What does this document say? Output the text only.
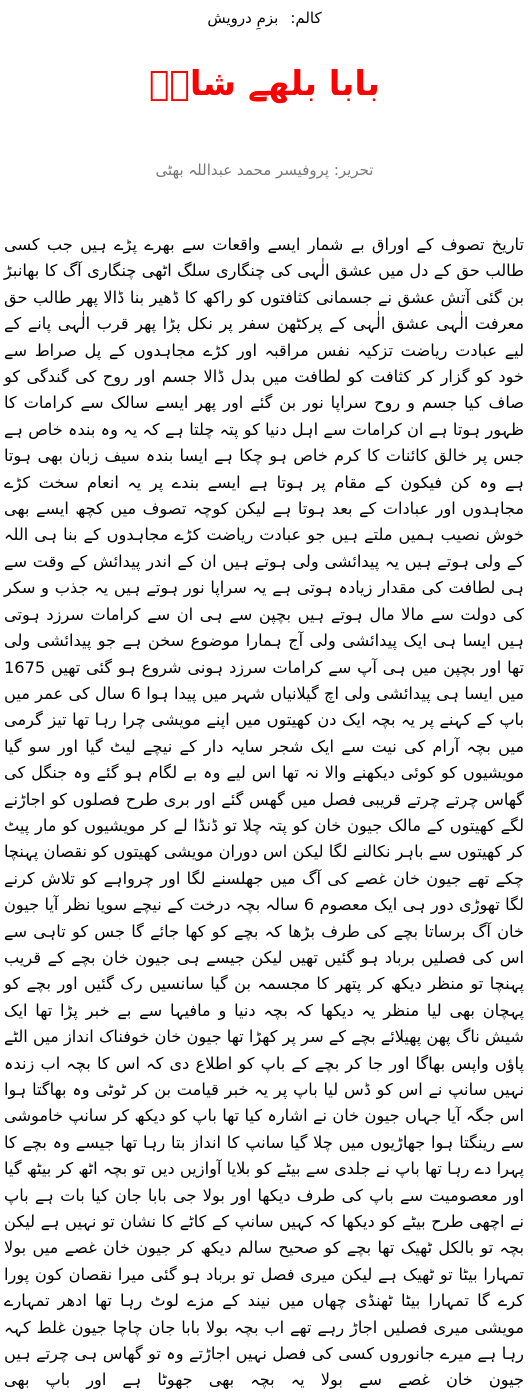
کالم:بزمِ درویش
بابا بلھے شاہؒ
تحریر: پروفیسر محمد عبداللہ بھٹی

تاریخ تصوف کے اوراق بے شمار ایسے واقعات سے بھرے پڑے ہیں جب کسی طالب حق کے دل میں عشق الٰہی کی چنگاری سلگ اٹھی چنگاری آگ کا بھانبڑ بن گئی آتش عشق نے جسمانی کثافتوں کو راکھ کا ڈھیر بنا ڈالا پھر طالب حق معرفت الٰہی عشق الٰہی کے پرکٹھن سفر پر نکل پڑا پھر قرب الٰہی پانے کے لیے عبادت ریاضت تزکیہ نفس مراقبہ اور کڑے مجاہدوں کے پل صراط سے خود کو گزار کر کثافت کو لطافت میں بدل ڈالا جسم اور روح کی گندگی کو صاف کیا جسم و روح سراپا نور بن گئے اور پھر ایسے سالک سے کرامات کا ظہور ہوتا ہے ان کرامات سے اہل دنیا کو پتہ چلتا ہے کہ یہ وہ بندہ خاص ہے جس پر خالق کائنات کا کرم خاص ہو چکا ہے ایسا بندہ سیف زبان بھی ہوتا ہے وہ کن فیکون کے مقام پر ہوتا ہے ایسے بندے پر یہ انعام سخت کڑے مجاہدوں اور عبادات کے بعد ہوتا ہے لیکن کوچہ تصوف میں کچھ ایسے بھی خوش نصیب ہمیں ملتے ہیں جو عبادت ریاضت کڑے مجاہدوں کے بنا ہی اللہ کے ولی ہوتے ہیں یہ پیدائشی ولی ہوتے ہیں ان کے اندر پیدائش کے وقت سے ہی لطافت کی مقدار زیادہ ہوتی ہے یہ سراپا نور ہوتے ہیں یہ جذب و سکر کی دولت سے مالا مال ہوتے ہیں بچپن سے ہی ان سے کرامات سرزد ہوتی ہیں ایسا ہی ایک پیدائشی ولی آج ہمارا موضوع سخن ہے جو پیدائشی ولی تھا اور بچپن میں ہی آپ سے کرامات سرزد ہونی شروع ہو گئی تھیں 1675 میں ایسا ہی پیدائشی ولی اچ گیلانیاں شہر میں پیدا ہوا 6 سال کی عمر میں باپ کے کہنے پر یہ بچہ ایک دن کھیتوں میں اپنے مویشی چرا رہا تھا تیز گرمی میں بچہ آرام کی نیت سے ایک شجر سایہ دار کے نیچے لیٹ گیا اور سو گیا مویشیوں کو کوئی دیکھنے والا نہ تھا اس لیے وہ بے لگام ہو گئے وہ جنگل کی گھاس چرتے چرتے قریبی فصل میں گھس گئے اور بری طرح فصلوں کو اجاڑنے لگے کھیتوں کے مالک جیون خان کو پتہ چلا تو ڈنڈا لے کر مویشیوں کو مار پیٹ کر کھیتوں سے باہر نکالنے لگا لیکن اس دوران مویشی کھیتوں کو نقصان پہنچا چکے تھے جیون خان غصے کی آگ میں جھلسنے لگا اور چرواہے کو تلاش کرنے لگا تھوڑی دور ہی ایک معصوم 6 سالہ بچہ درخت کے نیچے سویا نظر آیا جیون خان آگ برساتا بچے کی طرف بڑھا کہ بچے کو کھا جائے گا جس کو تاہی سے اس کی فصلیں برباد ہو گئیں تھیں لیکن جیسے ہی جیون خان بچے کے قریب پہنچا تو منظر دیکھ کر پتھر کا مجسمہ بن گیا سانسیں رک گئیں اور بچے کو پہچان بھی لیا منظر یہ دیکھا کہ بچہ دنیا و مافیہا سے بے خبر پڑا تھا ایک شیش ناگ پھن پھیلائے بچے کے سر پر کھڑا تھا جیون خان خوفناک انداز میں الٹے پاؤں واپس بھاگا اور جا کر بچے کے باپ کو اطلاع دی کہ اس کا بچہ اب زندہ نہیں سانپ نے اس کو ڈس لیا باپ پر یہ خبر قیامت بن کر ٹوٹی وہ بھاگتا ہوا اس جگہ آیا جہاں جیون خان نے اشارہ کیا تھا باپ کو دیکھ کر سانپ خاموشی سے رینگتا ہوا جھاڑیوں میں چلا گیا سانپ کا انداز بتا رہا تھا جیسے وہ بچے کا پہرا دے رہا تھا باپ نے جلدی سے بیٹے کو بلایا آوازیں دیں تو بچہ اٹھ کر بیٹھ گیا اور معصومیت سے باپ کی طرف دیکھا اور بولا جی بابا جان کیا بات ہے باپ نے اچھی طرح بیٹے کو دیکھا کہ کہیں سانپ کے کاٹے کا نشان تو نہیں ہے لیکن بچہ تو بالکل ٹھیک تھا بچے کو صحیح سالم دیکھ کر جیون خان غصے میں بولا تمہارا بیٹا تو ٹھیک ہے لیکن میری فصل تو برباد ہو گئی میرا نقصان کون پورا کرے گا تمہارا بیٹا ٹھنڈی چھاں میں نیند کے مزے لوٹ رہا تھا ادھر تمہارے مویشی میری فصلیں اجاڑ رہے تھے اب بچہ بولا بابا جان چاچا جیون غلط کہہ رہا ہے میرے جانوروں کسی کی فصل نہیں اجاڑتے وہ تو گھاس ہی چرتے ہیں جیون خان غصے سے بولا یہ بچہ بھی جھوٹا ہے اور باپ بھی
